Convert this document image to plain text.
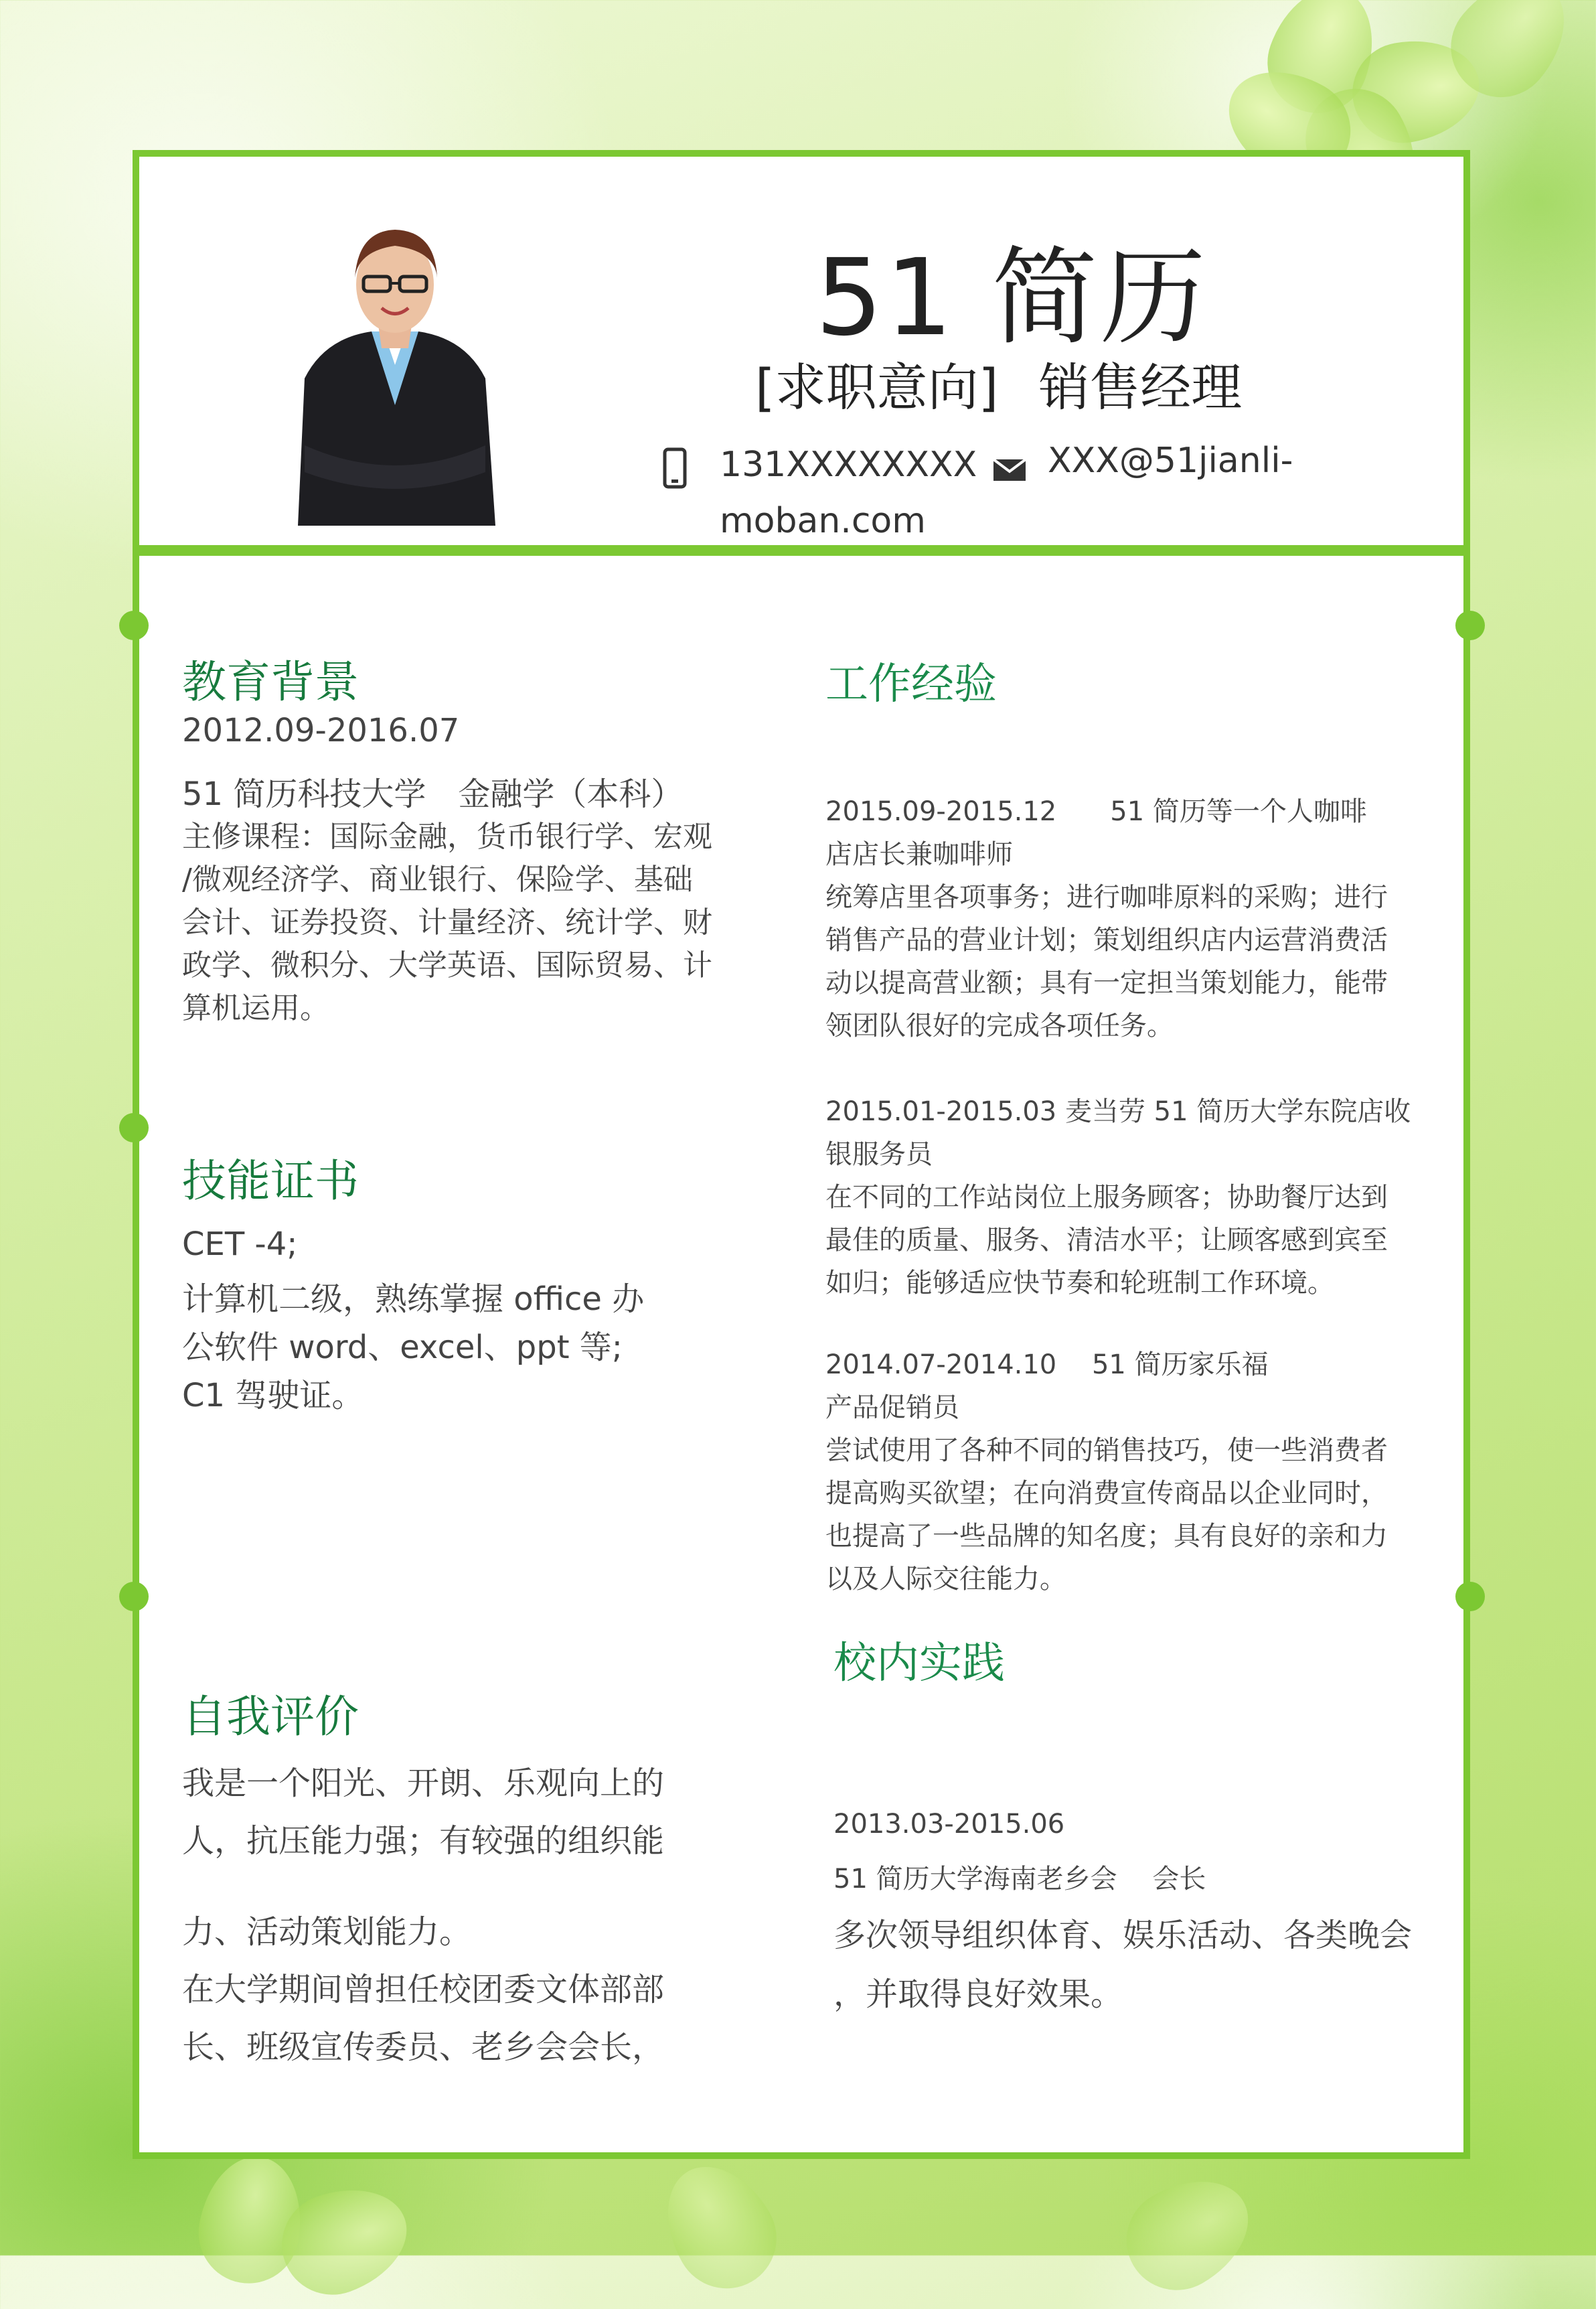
51 简历
[求职意向] 销售经理
131XXXXXXXX XXX@51jianli-
moban.com
教育背景
2012.09-2016.07
51 简历科技大学　金融学（本科）
主修课程：国际金融，货币银行学、宏观
/微观经济学、商业银行、保险学、基础
会计、证券投资、计量经济、统计学、财
政学、微积分、大学英语、国际贸易、计
算机运用。
技能证书
CET -4;
计算机二级，熟练掌握 office 办
公软件 word、excel、ppt 等;
C1 驾驶证。
自我评价
我是一个阳光、开朗、乐观向上的
人，抗压能力强；有较强的组织能
力、活动策划能力。
在大学期间曾担任校团委文体部部
长、班级宣传委员、老乡会会长，
工作经验
2015.09-2015.12　　51 简历等一个人咖啡
店店长兼咖啡师
统筹店里各项事务；进行咖啡原料的采购；进行
销售产品的营业计划；策划组织店内运营消费活
动以提高营业额；具有一定担当策划能力，能带
领团队很好的完成各项任务。
2015.01-2015.03 麦当劳 51 简历大学东院店收
银服务员
在不同的工作站岗位上服务顾客；协助餐厅达到
最佳的质量、服务、清洁水平；让顾客感到宾至
如归；能够适应快节奏和轮班制工作环境。
2014.07-2014.10　 51 简历家乐福
产品促销员
尝试使用了各种不同的销售技巧，使一些消费者
提高购买欲望；在向消费宣传商品以企业同时，
也提高了一些品牌的知名度；具有良好的亲和力
以及人际交往能力。
校内实践
2013.03-2015.06
51 简历大学海南老乡会　 会长
多次领导组织体育、娱乐活动、各类晚会
，并取得良好效果。
